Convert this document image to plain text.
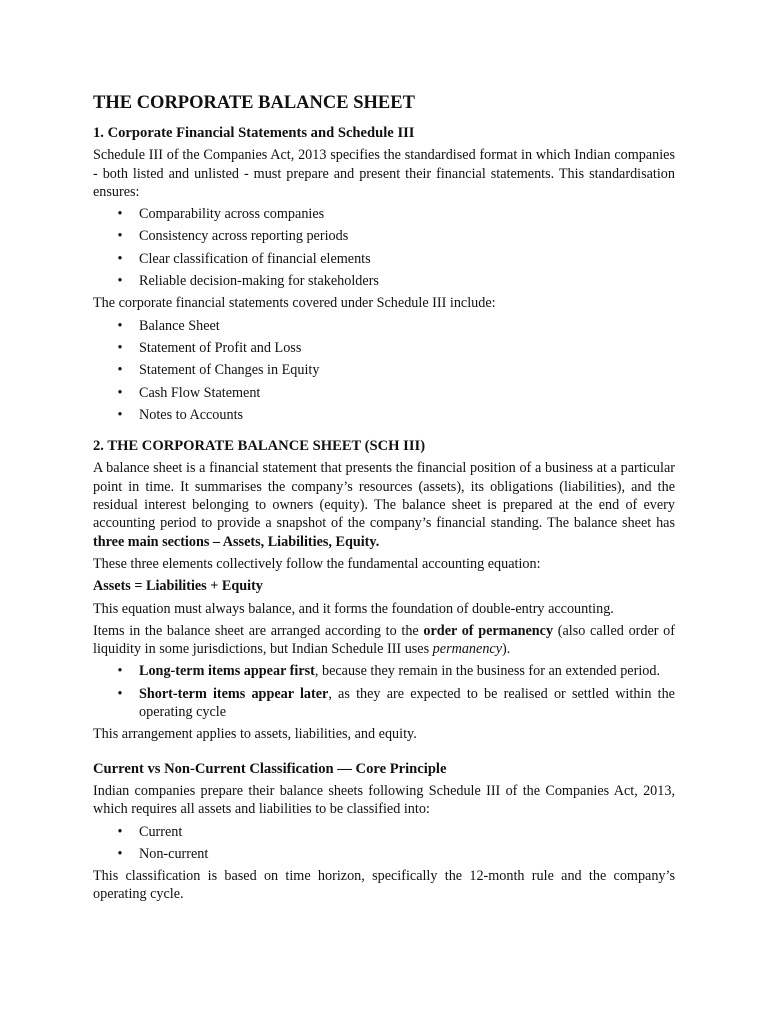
THE CORPORATE BALANCE SHEET
1. Corporate Financial Statements and Schedule III

Schedule III of the Companies Act, 2013 specifies the standardised format in which Indian companies - both listed and unlisted - must prepare and present their financial statements. This standardisation ensures:

• Comparability across companies
• Consistency across reporting periods
• Clear classification of financial elements
• Reliable decision-making for stakeholders

The corporate financial statements covered under Schedule III include:

• Balance Sheet
• Statement of Profit and Loss
• Statement of Changes in Equity
• Cash Flow Statement
• Notes to Accounts
2. THE CORPORATE BALANCE SHEET (SCH III)

A balance sheet is a financial statement that presents the financial position of a business at a particular point in time. It summarises the company’s resources (assets), its obligations (liabilities), and the residual interest belonging to owners (equity). The balance sheet is prepared at the end of every accounting period to provide a snapshot of the company’s financial standing. The balance sheet has three main sections – Assets, Liabilities, Equity.

These three elements collectively follow the fundamental accounting equation:

Assets = Liabilities + Equity

This equation must always balance, and it forms the foundation of double-entry accounting.

Items in the balance sheet are arranged according to the order of permanency (also called order of liquidity in some jurisdictions, but Indian Schedule III uses permanency).

• Long-term items appear first, because they remain in the business for an extended period.
• Short-term items appear later, as they are expected to be realised or settled within the operating cycle

This arrangement applies to assets, liabilities, and equity.

Current vs Non-Current Classification — Core Principle

Indian companies prepare their balance sheets following Schedule III of the Companies Act, 2013, which requires all assets and liabilities to be classified into:

• Current
• Non-current

This classification is based on time horizon, specifically the 12-month rule and the company’s operating cycle.
